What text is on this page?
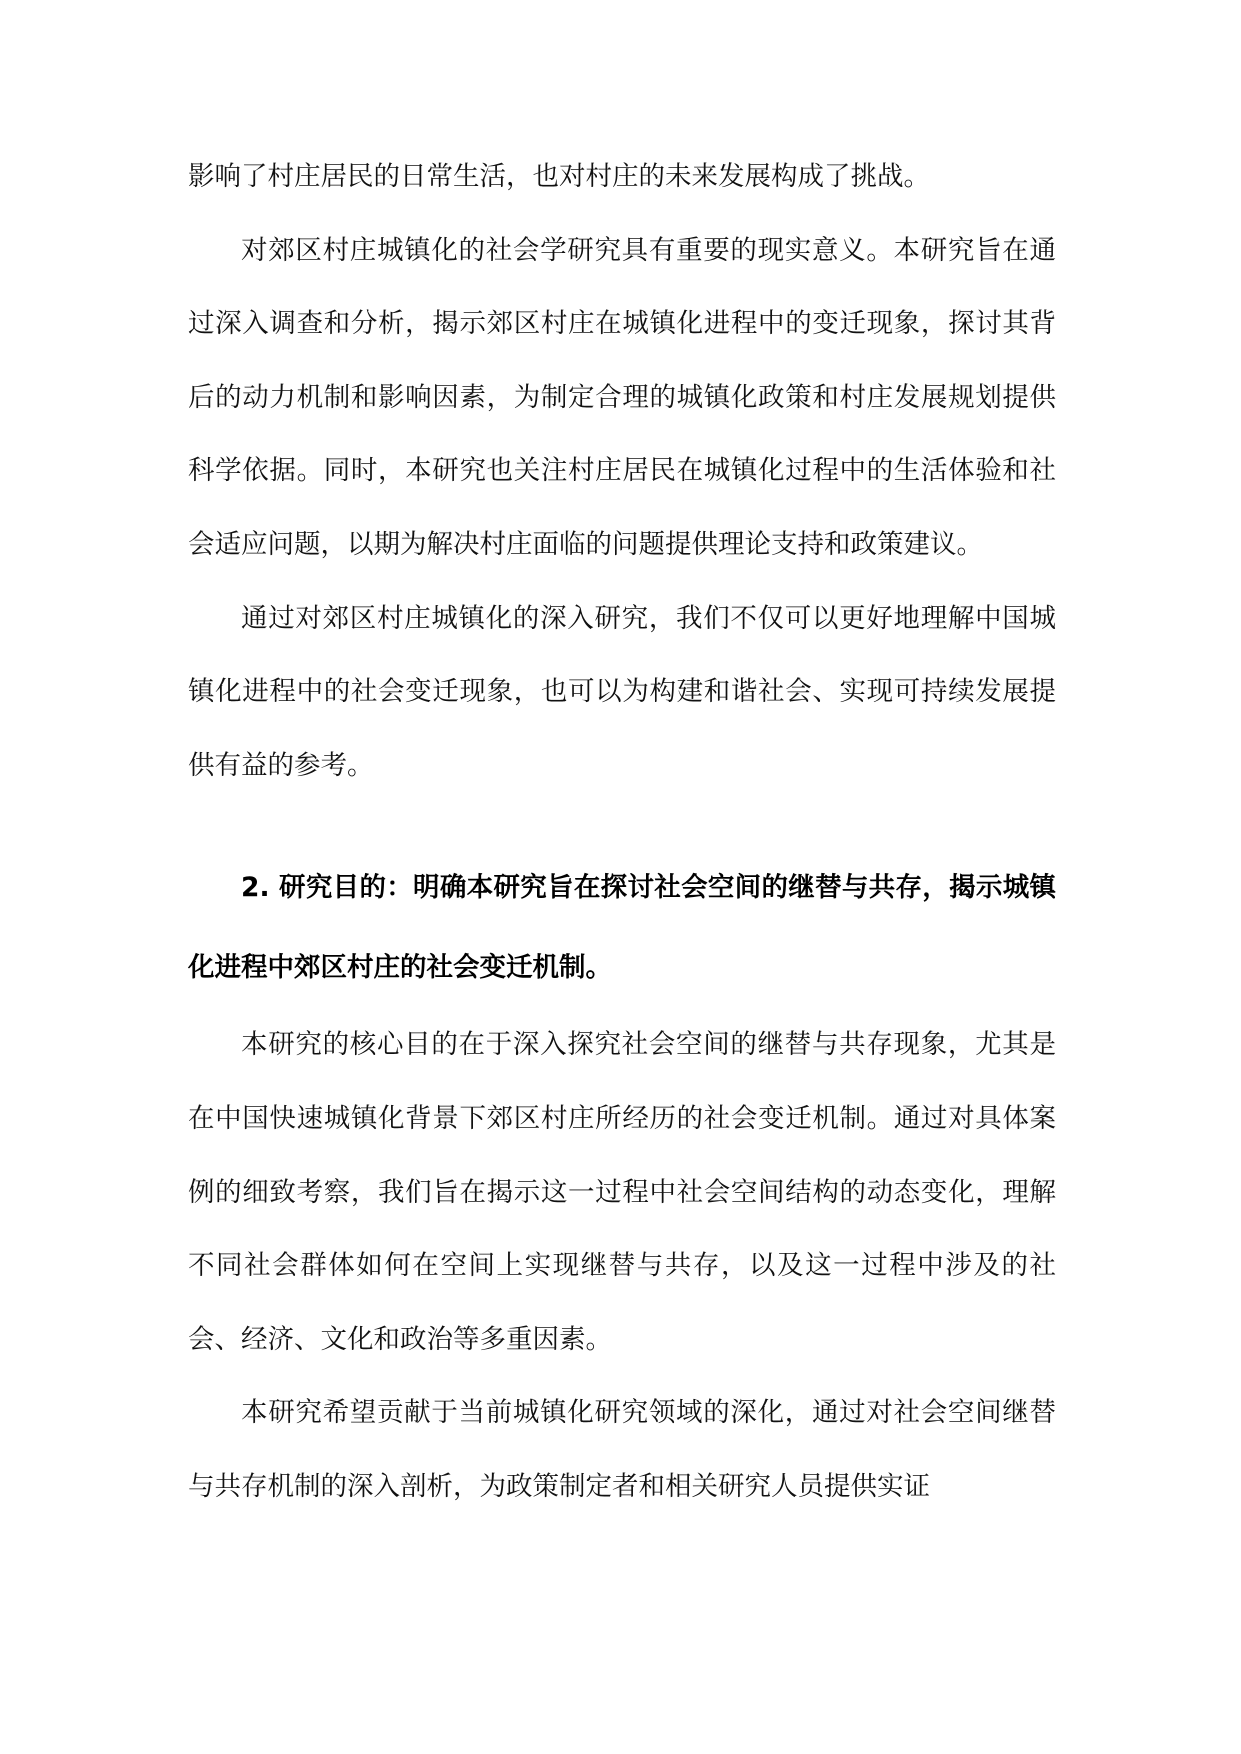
影响了村庄居民的日常生活，也对村庄的未来发展构成了挑战。

对郊区村庄城镇化的社会学研究具有重要的现实意义。本研究旨在通过深入调查和分析，揭示郊区村庄在城镇化进程中的变迁现象，探讨其背后的动力机制和影响因素，为制定合理的城镇化政策和村庄发展规划提供科学依据。同时，本研究也关注村庄居民在城镇化过程中的生活体验和社会适应问题，以期为解决村庄面临的问题提供理论支持和政策建议。

通过对郊区村庄城镇化的深入研究，我们不仅可以更好地理解中国城镇化进程中的社会变迁现象，也可以为构建和谐社会、实现可持续发展提供有益的参考。

2. 研究目的：明确本研究旨在探讨社会空间的继替与共存，揭示城镇化进程中郊区村庄的社会变迁机制。

本研究的核心目的在于深入探究社会空间的继替与共存现象，尤其是在中国快速城镇化背景下郊区村庄所经历的社会变迁机制。通过对具体案例的细致考察，我们旨在揭示这一过程中社会空间结构的动态变化，理解不同社会群体如何在空间上实现继替与共存，以及这一过程中涉及的社会、经济、文化和政治等多重因素。

本研究希望贡献于当前城镇化研究领域的深化，通过对社会空间继替与共存机制的深入剖析，为政策制定者和相关研究人员提供实证
